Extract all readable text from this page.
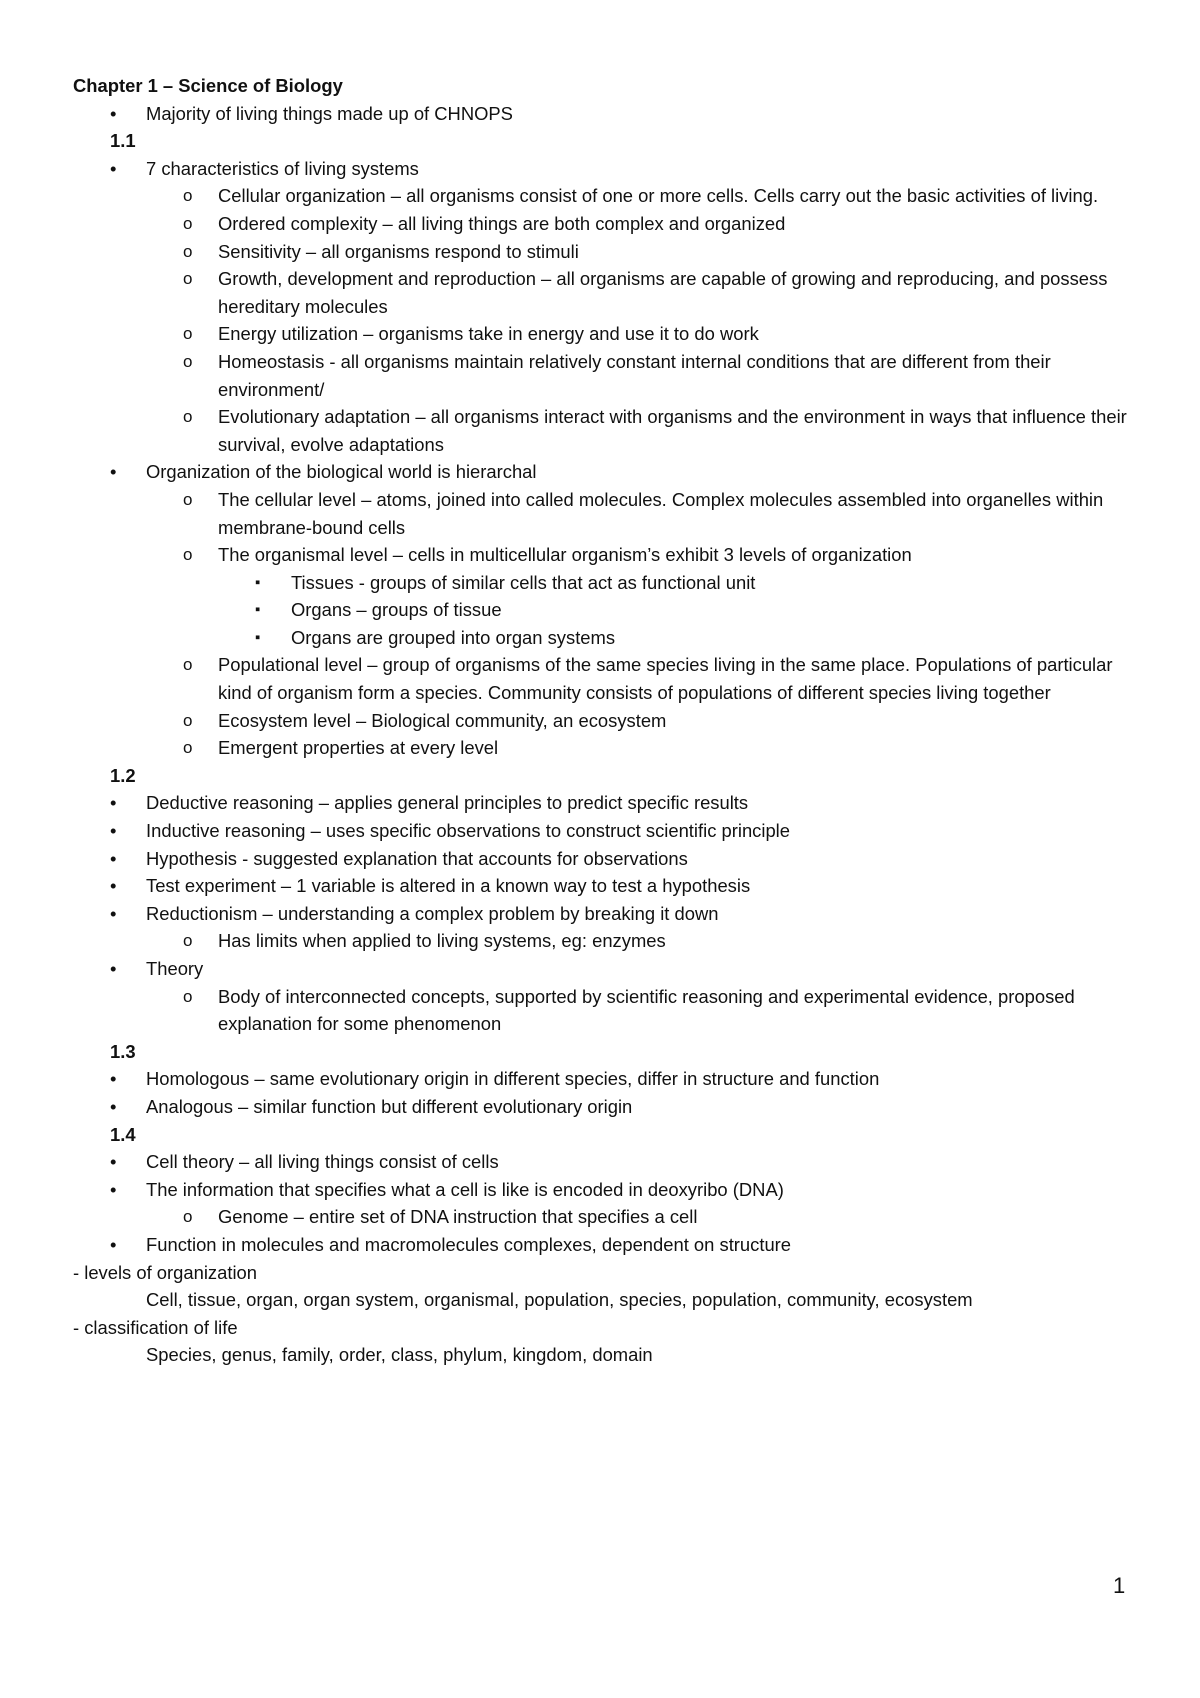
Chapter 1 – Science of Biology
• Majority of living things made up of CHNOPS
1.1
• 7 characteristics of living systems
o Cellular organization – all organisms consist of one or more cells. Cells carry out the basic activities of living.
o Ordered complexity – all living things are both complex and organized
o Sensitivity – all organisms respond to stimuli
o Growth, development and reproduction – all organisms are capable of growing and reproducing, and possess hereditary molecules
o Energy utilization – organisms take in energy and use it to do work
o Homeostasis - all organisms maintain relatively constant internal conditions that are different from their environment/
o Evolutionary adaptation – all organisms interact with organisms and the environment in ways that influence their survival, evolve adaptations
• Organization of the biological world is hierarchal
o The cellular level – atoms, joined into called molecules. Complex molecules assembled into organelles within membrane-bound cells
o The organismal level – cells in multicellular organism’s exhibit 3 levels of organization
▪ Tissues - groups of similar cells that act as functional unit
▪ Organs – groups of tissue
▪ Organs are grouped into organ systems
o Populational level – group of organisms of the same species living in the same place. Populations of particular kind of organism form a species. Community consists of populations of different species living together
o Ecosystem level – Biological community, an ecosystem
o Emergent properties at every level
1.2
• Deductive reasoning – applies general principles to predict specific results
• Inductive reasoning – uses specific observations to construct scientific principle
• Hypothesis - suggested explanation that accounts for observations
• Test experiment – 1 variable is altered in a known way to test a hypothesis
• Reductionism – understanding a complex problem by breaking it down
o Has limits when applied to living systems, eg: enzymes
• Theory
o Body of interconnected concepts, supported by scientific reasoning and experimental evidence, proposed explanation for some phenomenon
1.3
• Homologous – same evolutionary origin in different species, differ in structure and function
• Analogous – similar function but different evolutionary origin
1.4
• Cell theory – all living things consist of cells
• The information that specifies what a cell is like is encoded in deoxyribo (DNA)
o Genome – entire set of DNA instruction that specifies a cell
• Function in molecules and macromolecules complexes, dependent on structure
- levels of organization
Cell, tissue, organ, organ system, organismal, population, species, population, community, ecosystem
- classification of life
Species, genus, family, order, class, phylum, kingdom, domain
1
